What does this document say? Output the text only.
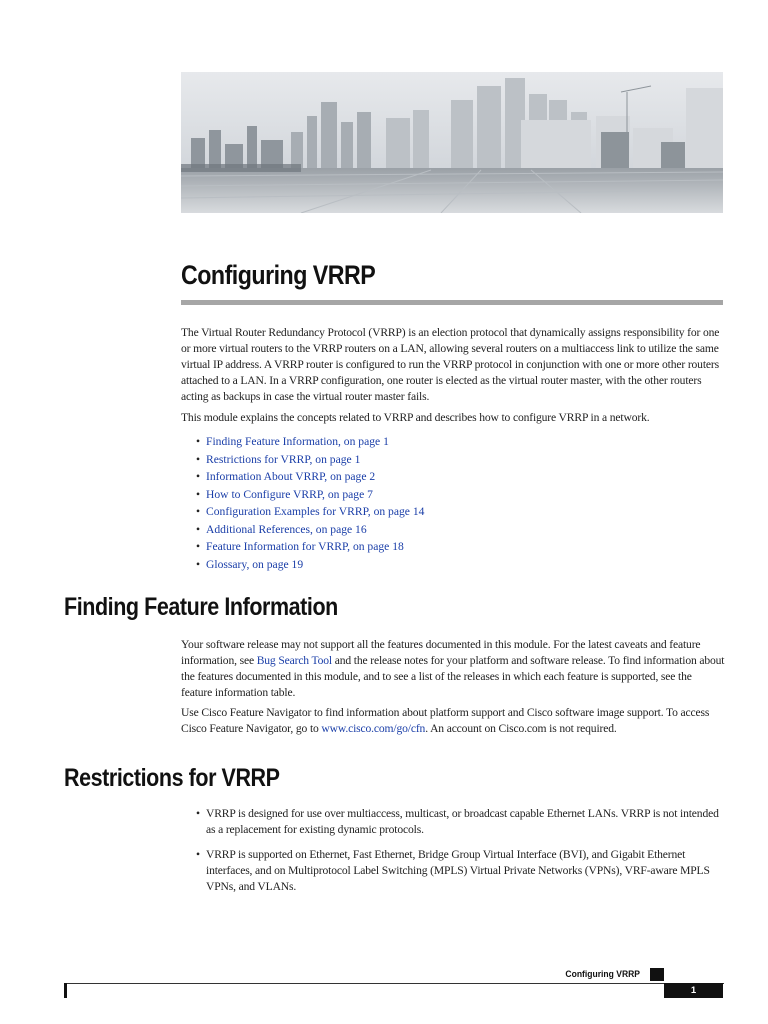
Configuring VRRP

The Virtual Router Redundancy Protocol (VRRP) is an election protocol that dynamically assigns responsibility for one or more virtual routers to the VRRP routers on a LAN, allowing several routers on a multiaccess link to utilize the same virtual IP address. A VRRP router is configured to run the VRRP protocol in conjunction with one or more other routers attached to a LAN. In a VRRP configuration, one router is elected as the virtual router master, with the other routers acting as backups in case the virtual router master fails.

This module explains the concepts related to VRRP and describes how to configure VRRP in a network.

• Finding Feature Information, on page 1
• Restrictions for VRRP, on page 1
• Information About VRRP, on page 2
• How to Configure VRRP, on page 7
• Configuration Examples for VRRP, on page 14
• Additional References, on page 16
• Feature Information for VRRP, on page 18
• Glossary, on page 19
Finding Feature Information

Your software release may not support all the features documented in this module. For the latest caveats and feature information, see Bug Search Tool and the release notes for your platform and software release. To find information about the features documented in this module, and to see a list of the releases in which each feature is supported, see the feature information table.

Use Cisco Feature Navigator to find information about platform support and Cisco software image support. To access Cisco Feature Navigator, go to www.cisco.com/go/cfn. An account on Cisco.com is not required.

Restrictions for VRRP
• VRRP is designed for use over multiaccess, multicast, or broadcast capable Ethernet LANs. VRRP is not intended as a replacement for existing dynamic protocols.
• VRRP is supported on Ethernet, Fast Ethernet, Bridge Group Virtual Interface (BVI), and Gigabit Ethernet interfaces, and on Multiprotocol Label Switching (MPLS) Virtual Private Networks (VPNs), VRF-aware MPLS VPNs, and VLANs.
Configuring VRRP
1
